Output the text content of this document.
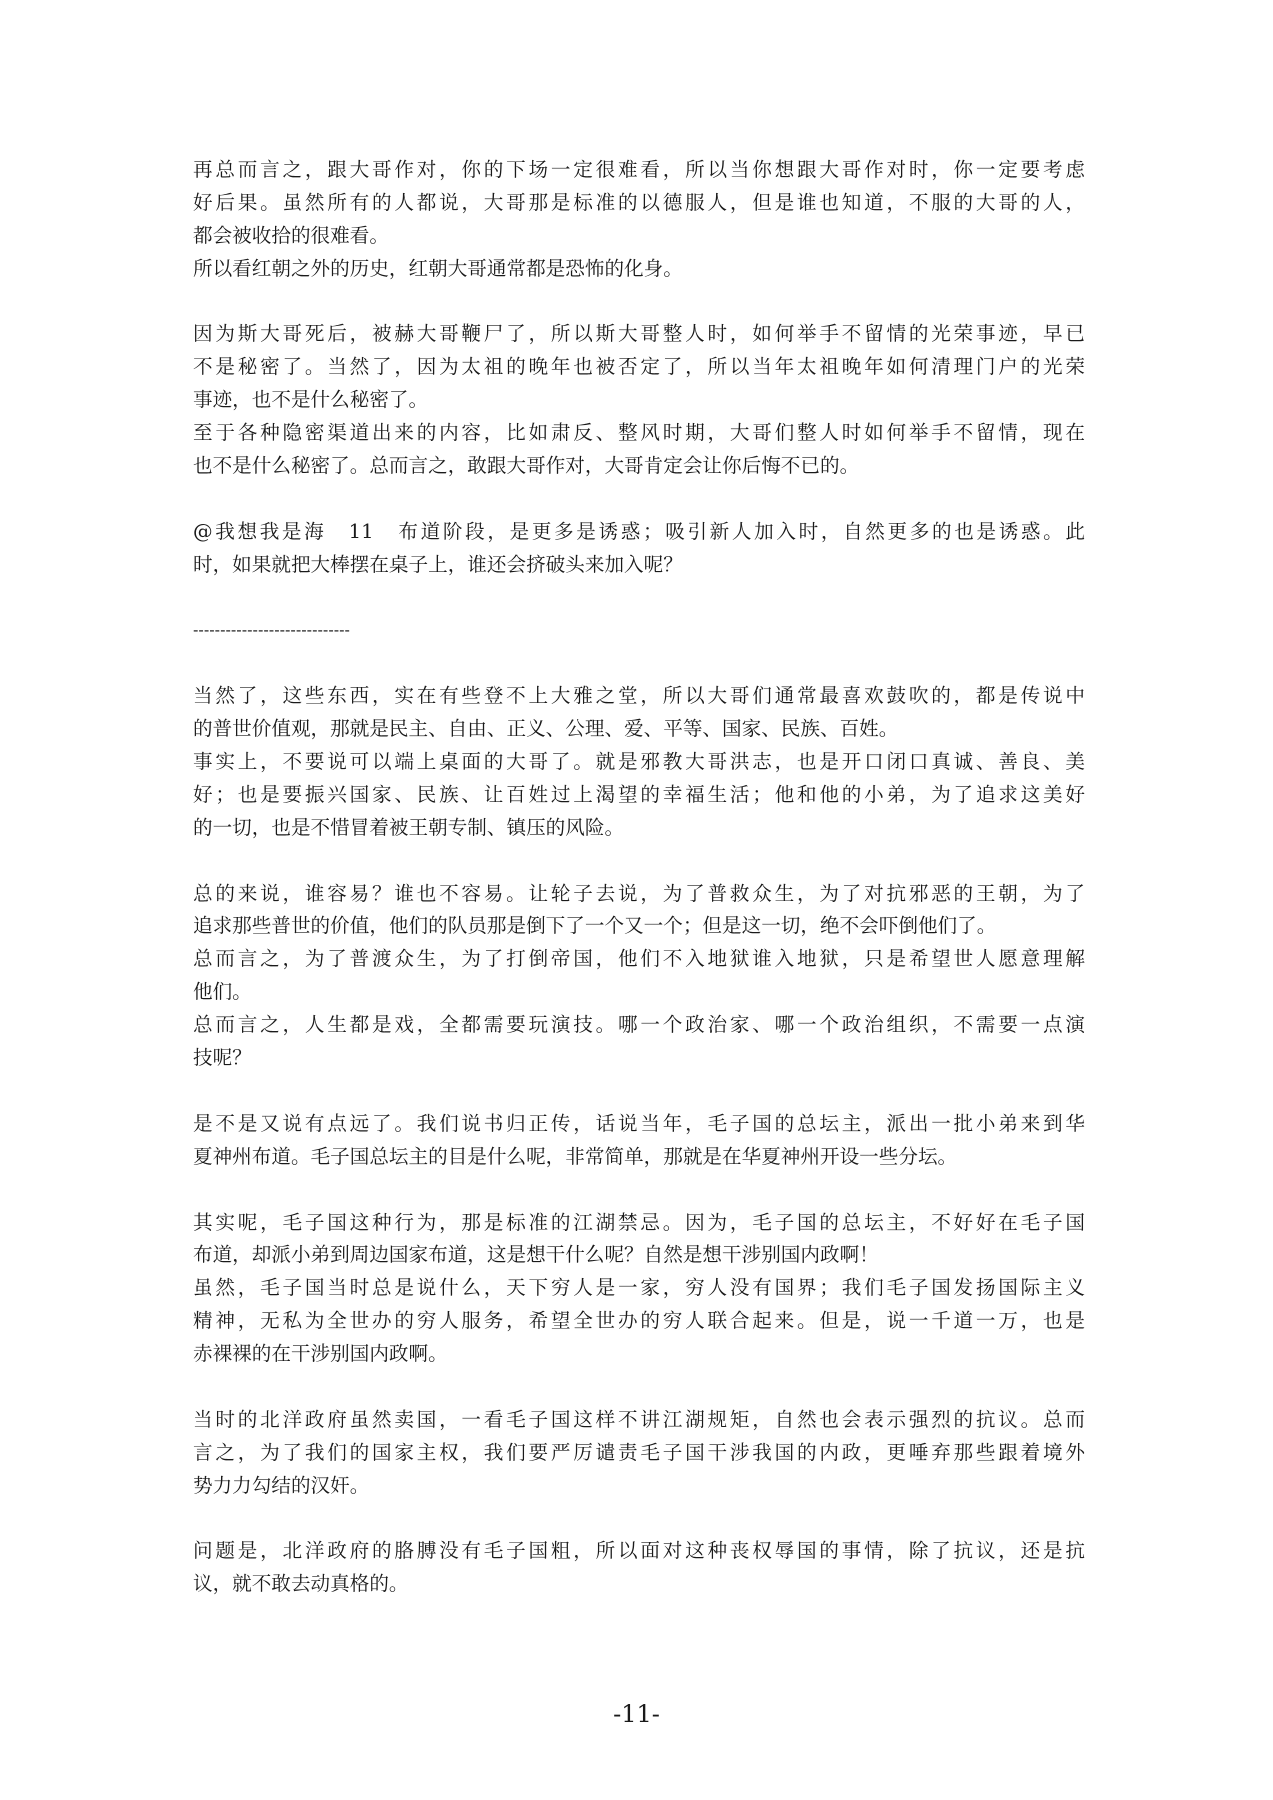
再总而言之，跟大哥作对，你的下场一定很难看，所以当你想跟大哥作对时，你一定要考虑
好后果。虽然所有的人都说，大哥那是标准的以德服人，但是谁也知道，不服的大哥的人，
都会被收拾的很难看。
所以看红朝之外的历史，红朝大哥通常都是恐怖的化身。
因为斯大哥死后，被赫大哥鞭尸了，所以斯大哥整人时，如何举手不留情的光荣事迹，早已
不是秘密了。当然了，因为太祖的晚年也被否定了，所以当年太祖晚年如何清理门户的光荣
事迹，也不是什么秘密了。
至于各种隐密渠道出来的内容，比如肃反、整风时期，大哥们整人时如何举手不留情，现在
也不是什么秘密了。总而言之，敢跟大哥作对，大哥肯定会让你后悔不已的。
@我想我是海　11　布道阶段，是更多是诱惑；吸引新人加入时，自然更多的也是诱惑。此
时，如果就把大棒摆在桌子上，谁还会挤破头来加入呢？
-----------------------------
当然了，这些东西，实在有些登不上大雅之堂，所以大哥们通常最喜欢鼓吹的，都是传说中
的普世价值观，那就是民主、自由、正义、公理、爱、平等、国家、民族、百姓。
事实上，不要说可以端上桌面的大哥了。就是邪教大哥洪志，也是开口闭口真诚、善良、美
好；也是要振兴国家、民族、让百姓过上渴望的幸福生活；他和他的小弟，为了追求这美好
的一切，也是不惜冒着被王朝专制、镇压的风险。
总的来说，谁容易？谁也不容易。让轮子去说，为了普救众生，为了对抗邪恶的王朝，为了
追求那些普世的价值，他们的队员那是倒下了一个又一个；但是这一切，绝不会吓倒他们了。
总而言之，为了普渡众生，为了打倒帝国，他们不入地狱谁入地狱，只是希望世人愿意理解
他们。
总而言之，人生都是戏，全都需要玩演技。哪一个政治家、哪一个政治组织，不需要一点演
技呢？
是不是又说有点远了。我们说书归正传，话说当年，毛子国的总坛主，派出一批小弟来到华
夏神州布道。毛子国总坛主的目是什么呢，非常简单，那就是在华夏神州开设一些分坛。
其实呢，毛子国这种行为，那是标准的江湖禁忌。因为，毛子国的总坛主，不好好在毛子国
布道，却派小弟到周边国家布道，这是想干什么呢？自然是想干涉别国内政啊！
虽然，毛子国当时总是说什么，天下穷人是一家，穷人没有国界；我们毛子国发扬国际主义
精神，无私为全世办的穷人服务，希望全世办的穷人联合起来。但是，说一千道一万，也是
赤裸裸的在干涉别国内政啊。
当时的北洋政府虽然卖国，一看毛子国这样不讲江湖规矩，自然也会表示强烈的抗议。总而
言之，为了我们的国家主权，我们要严厉谴责毛子国干涉我国的内政，更唾弃那些跟着境外
势力力勾结的汉奸。
问题是，北洋政府的胳膊没有毛子国粗，所以面对这种丧权辱国的事情，除了抗议，还是抗
议，就不敢去动真格的。
-11-
